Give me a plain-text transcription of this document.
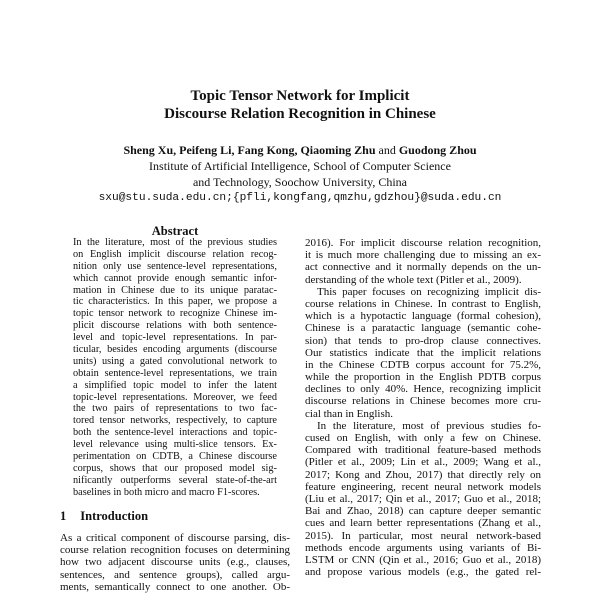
Topic Tensor Network for Implicit
Discourse Relation Recognition in Chinese
Sheng Xu, Peifeng Li, Fang Kong, Qiaoming Zhu and Guodong Zhou
Institute of Artificial Intelligence, School of Computer Science
and Technology, Soochow University, China
sxu@stu.suda.edu.cn;{pfli,kongfang,qmzhu,gdzhou}@suda.edu.cn
Abstract
In the literature, most of the previous studies
on English implicit discourse relation recog-
nition only use sentence-level representations,
which cannot provide enough semantic infor-
mation in Chinese due to its unique paratac-
tic characteristics. In this paper, we propose a
topic tensor network to recognize Chinese im-
plicit discourse relations with both sentence-
level and topic-level representations. In par-
ticular, besides encoding arguments (discourse
units) using a gated convolutional network to
obtain sentence-level representations, we train
a simplified topic model to infer the latent
topic-level representations. Moreover, we feed
the two pairs of representations to two fac-
tored tensor networks, respectively, to capture
both the sentence-level interactions and topic-
level relevance using multi-slice tensors. Ex-
perimentation on CDTB, a Chinese discourse
corpus, shows that our proposed model sig-
nificantly outperforms several state-of-the-art
baselines in both micro and macro F1-scores.
1 Introduction
As a critical component of discourse parsing, dis-
course relation recognition focuses on determining
how two adjacent discourse units (e.g., clauses,
sentences, and sentence groups), called argu-
ments, semantically connect to one another. Ob-
2016). For implicit discourse relation recognition,
it is much more challenging due to missing an ex-
act connective and it normally depends on the un-
derstanding of the whole text (Pitler et al., 2009).
This paper focuses on recognizing implicit dis-
course relations in Chinese. In contrast to English,
which is a hypotactic language (formal cohesion),
Chinese is a paratactic language (semantic cohe-
sion) that tends to pro-drop clause connectives.
Our statistics indicate that the implicit relations
in the Chinese CDTB corpus account for 75.2%,
while the proportion in the English PDTB corpus
declines to only 40%. Hence, recognizing implicit
discourse relations in Chinese becomes more cru-
cial than in English.
In the literature, most of previous studies fo-
cused on English, with only a few on Chinese.
Compared with traditional feature-based methods
(Pitler et al., 2009; Lin et al., 2009; Wang et al.,
2017; Kong and Zhou, 2017) that directly rely on
feature engineering, recent neural network models
(Liu et al., 2017; Qin et al., 2017; Guo et al., 2018;
Bai and Zhao, 2018) can capture deeper semantic
cues and learn better representations (Zhang et al.,
2015). In particular, most neural network-based
methods encode arguments using variants of Bi-
LSTM or CNN (Qin et al., 2016; Guo et al., 2018)
and propose various models (e.g., the gated rel-
